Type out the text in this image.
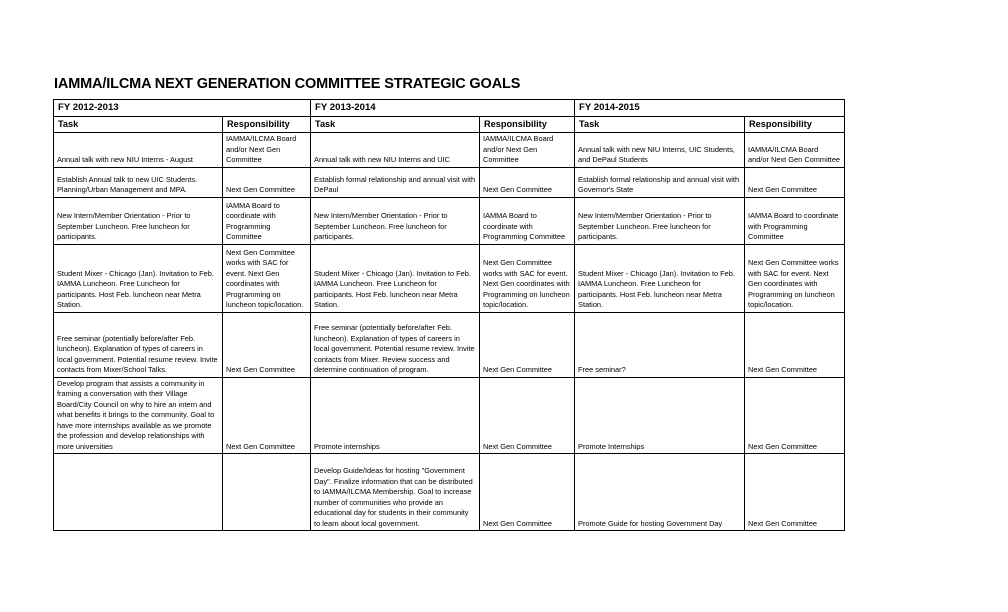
IAMMA/ILCMA NEXT GENERATION COMMITTEE STRATEGIC GOALS
FY 2012-2013		FY 2013-2014		FY 2014-2015	
Task	Responsibility	Task	Responsibility	Task	Responsibility
Annual talk with new NIU Interns - August	IAMMA/ILCMA Board and/or Next Gen Committee	Annual talk with new NIU Interns and UIC	IAMMA/ILCMA Board and/or Next Gen Committee	Annual talk with new NIU Interns, UIC Students, and DePaul Students	IAMMA/ILCMA Board and/or Next Gen Committee
Establish Annual talk to new UIC Students. Planning/Urban Management and MPA.	Next Gen Committee	Establish formal relationship and annual visit with DePaul	Next Gen Committee	Establish formal relationship and annual visit with Governor's State	Next Gen Committee
New Intern/Member Orientation - Prior to September Luncheon. Free luncheon for participants.	IAMMA Board to coordinate with Programming Committee	New Intern/Member Orientation - Prior to September Luncheon. Free luncheon for participants.	IAMMA Board to coordinate with Programming Committee	New Intern/Member Orientation - Prior to September Luncheon. Free luncheon for participants.	IAMMA Board to coordinate with Programming Committee
Student Mixer - Chicago (Jan). Invitation to Feb. IAMMA Luncheon. Free Luncheon for participants. Host Feb. luncheon near Metra Station.	Next Gen Committee works with SAC for event. Next Gen coordinates with Programming on luncheon topic/location.	Student Mixer - Chicago (Jan). Invitation to Feb. IAMMA Luncheon. Free Luncheon for participants. Host Feb. luncheon near Metra Station.	Next Gen Committee works with SAC for event. Next Gen coordinates with Programming on luncheon topic/location.	Student Mixer - Chicago (Jan). Invitation to Feb. IAMMA Luncheon. Free Luncheon for participants. Host Feb. luncheon near Metra Station.	Next Gen Committee works with SAC for event. Next Gen coordinates with Programming on luncheon topic/location.
Free seminar (potentially before/after Feb. luncheon). Explanation of types of careers in local government. Potential resume review. Invite contacts from Mixer/School Talks.	Next Gen Committee	Free seminar (potentially before/after Feb. luncheon). Explanation of types of careers in local government. Potential resume review. Invite contacts from Mixer. Review success and determine continuation of program.	Next Gen Committee	Free seminar?	Next Gen Committee
Develop program that assists a community in framing a conversation with their Village Board/City Council on why to hire an intern and what benefits it brings to the community. Goal to have more internships available as we promote the profession and develop relationships with more universities	Next Gen Committee	Promote internships	Next Gen Committee	Promote Internships	Next Gen Committee
		Develop Guide/Ideas for hosting "Government Day". Finalize information that can be distributed to IAMMA/ILCMA Membership. Goal to increase number of communities who provide an educational day for students in their community to learn about local government.	Next Gen Committee	Promote Guide for hosting Government Day	Next Gen Committee
